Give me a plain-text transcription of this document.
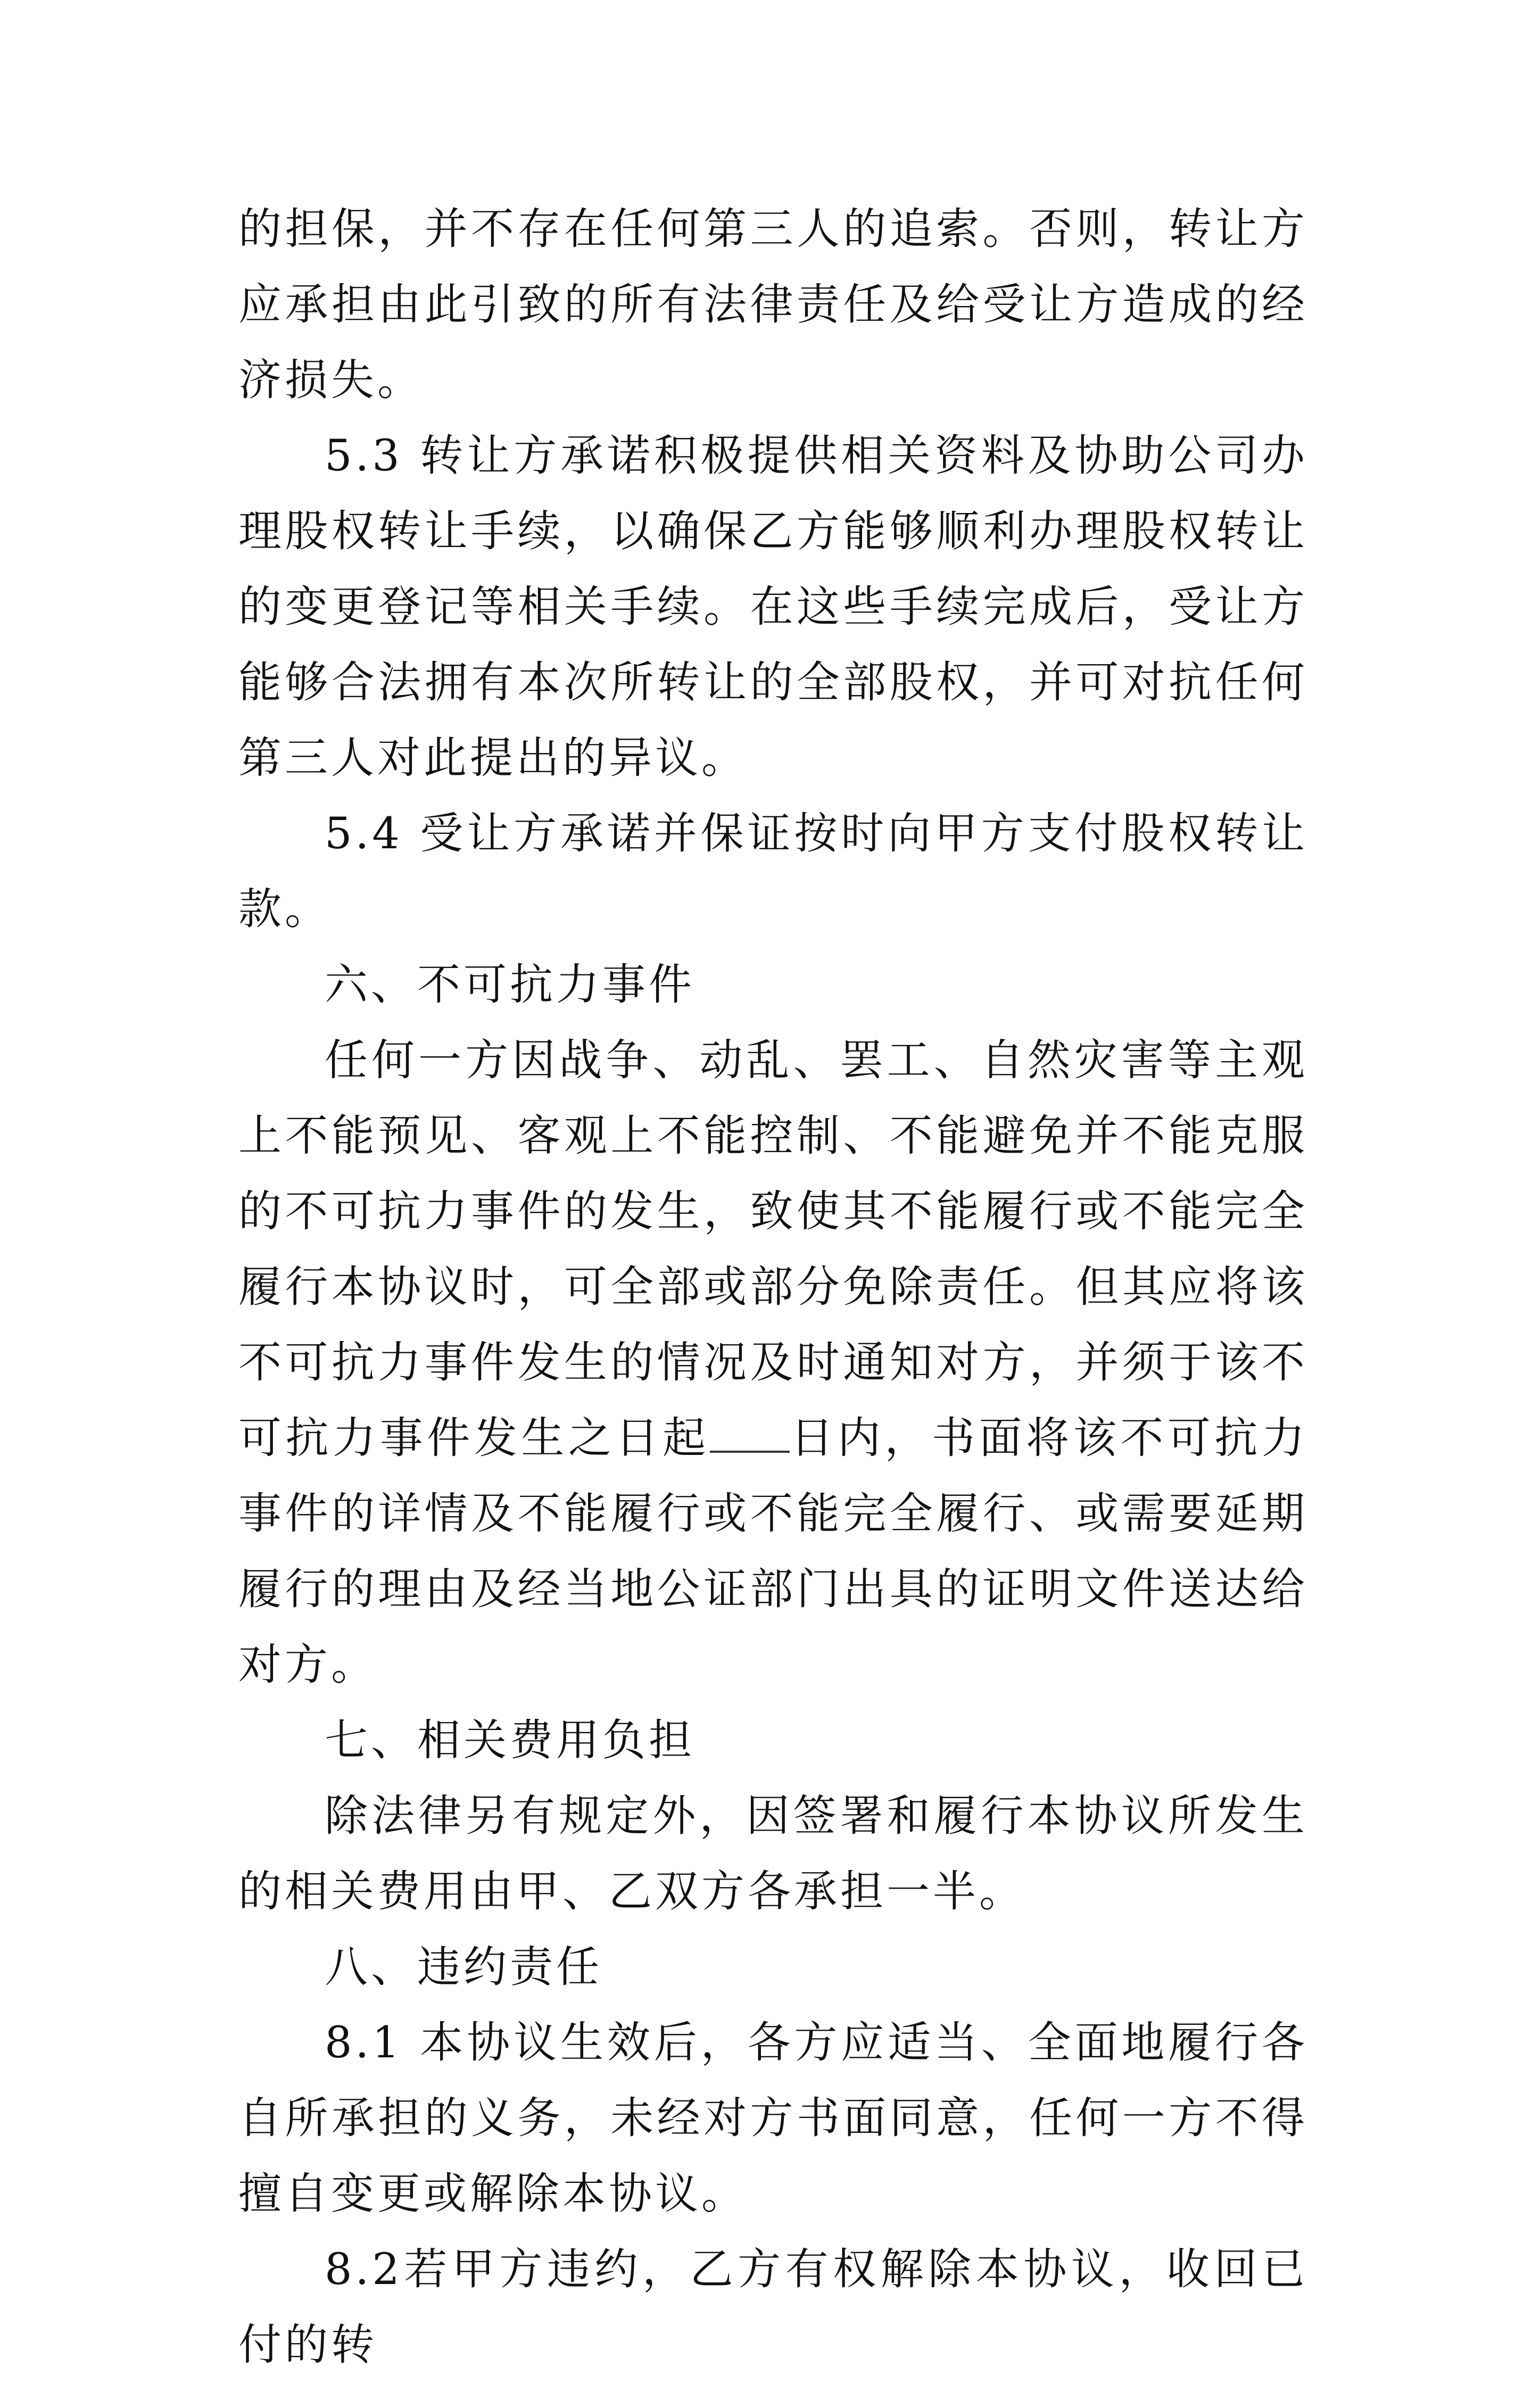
的担保，并不存在任何第三人的追索。否则，转让方应承担由此引致的所有法律责任及给受让方造成的经济损失。

5.3 转让方承诺积极提供相关资料及协助公司办理股权转让手续，以确保乙方能够顺利办理股权转让的变更登记等相关手续。在这些手续完成后，受让方能够合法拥有本次所转让的全部股权，并可对抗任何第三人对此提出的异议。

5.4 受让方承诺并保证按时向甲方支付股权转让款。

六、不可抗力事件

任何一方因战争、动乱、罢工、自然灾害等主观上不能预见、客观上不能控制、不能避免并不能克服的不可抗力事件的发生，致使其不能履行或不能完全履行本协议时，可全部或部分免除责任。但其应将该不可抗力事件发生的情况及时通知对方，并须于该不可抗力事件发生之日起 日内，书面将该不可抗力事件的详情及不能履行或不能完全履行、或需要延期履行的理由及经当地公证部门出具的证明文件送达给对方。

七、相关费用负担

除法律另有规定外，因签署和履行本协议所发生的相关费用由甲、乙双方各承担一半。

八、违约责任

8.1 本协议生效后，各方应适当、全面地履行各自所承担的义务，未经对方书面同意，任何一方不得擅自变更或解除本协议。

8.2若甲方违约，乙方有权解除本协议，收回已付的转
